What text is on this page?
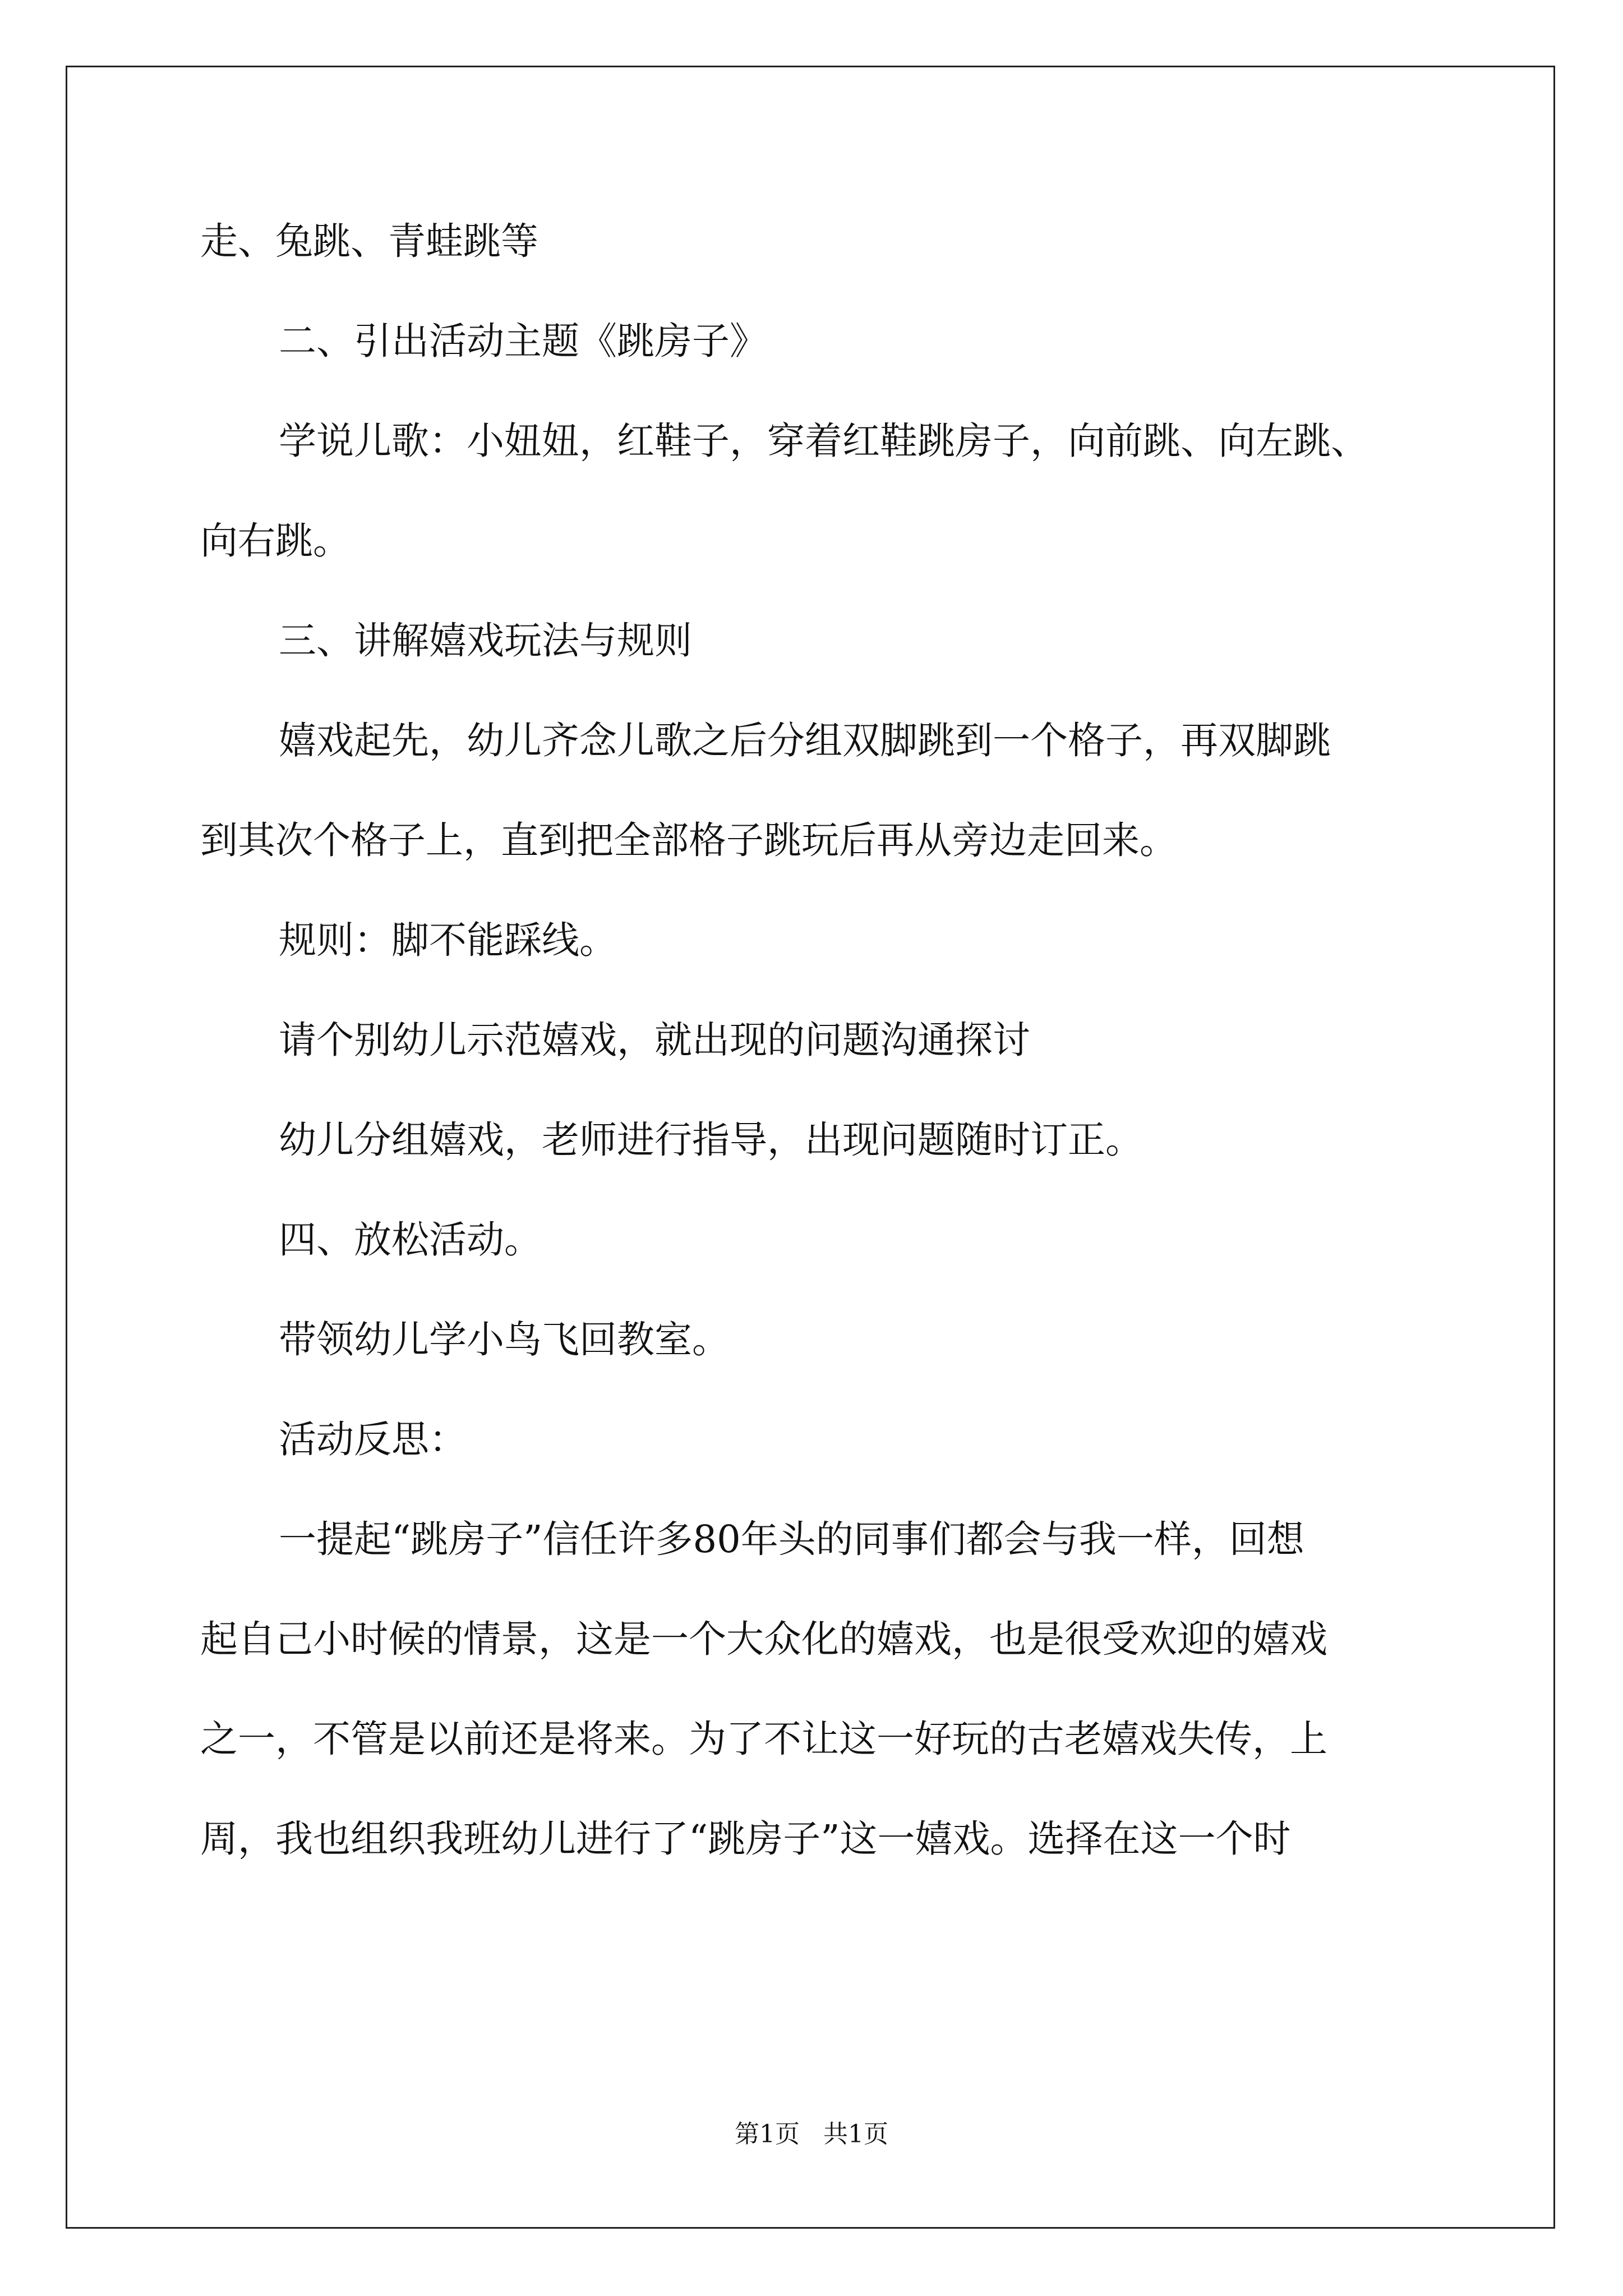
走、兔跳、青蛙跳等
二、引出活动主题《跳房子》
学说儿歌：小妞妞，红鞋子，穿着红鞋跳房子，向前跳、向左跳、
向右跳。
三、讲解嬉戏玩法与规则
嬉戏起先，幼儿齐念儿歌之后分组双脚跳到一个格子，再双脚跳
到其次个格子上，直到把全部格子跳玩后再从旁边走回来。
规则：脚不能踩线。
请个别幼儿示范嬉戏，就出现的问题沟通探讨
幼儿分组嬉戏，老师进行指导，出现问题随时订正。
四、放松活动。
带领幼儿学小鸟飞回教室。
活动反思：
一提起“跳房子”信任许多80年头的同事们都会与我一样，回想
起自己小时候的情景，这是一个大众化的嬉戏，也是很受欢迎的嬉戏
之一，不管是以前还是将来。为了不让这一好玩的古老嬉戏失传，上
周，我也组织我班幼儿进行了“跳房子”这一嬉戏。选择在这一个时
第1页   共1页
